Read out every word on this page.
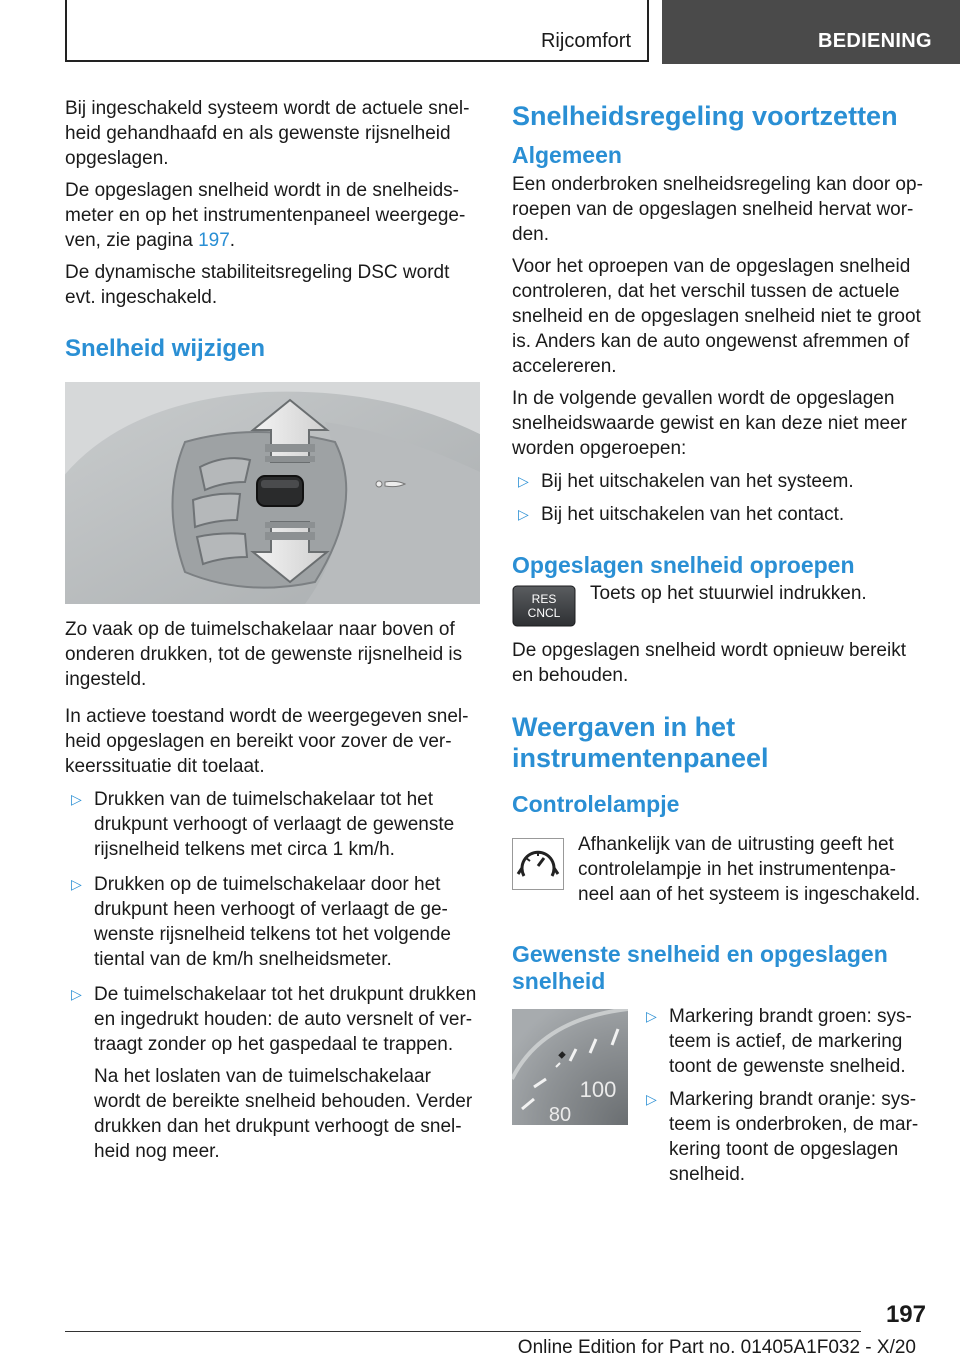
Rijcomfort	BEDIENING

Bij ingeschakeld systeem wordt de actuele snel-heid gehandhaafd en als gewenste rijsnelheid opgeslagen.

De opgeslagen snelheid wordt in de snelheids-meter en op het instrumentenpaneel weergege-ven, zie pagina 197.

De dynamische stabiliteitsregeling DSC wordt evt. ingeschakeld.

Snelheid wijzigen

Zo vaak op de tuimelschakelaar naar boven of onderen drukken, tot de gewenste rijsnelheid is ingesteld.

In actieve toestand wordt de weergegeven snel-heid opgeslagen en bereikt voor zover de ver-keerssituatie dit toelaat.

▷ Drukken van de tuimelschakelaar tot het drukpunt verhoogt of verlaagt de gewenste rijsnelheid telkens met circa 1 km/h.
▷ Drukken op de tuimelschakelaar door het drukpunt heen verhoogt of verlaagt de ge-wenste rijsnelheid telkens tot het volgende tiental van de km/h snelheidsmeter.
▷ De tuimelschakelaar tot het drukpunt drukken en ingedrukt houden: de auto versnelt of ver-traagt zonder op het gaspedaal te trappen.
Na het loslaten van de tuimelschakelaar wordt de bereikte snelheid behouden. Verder drukken dan het drukpunt verhoogt de snel-heid nog meer.
Snelheidsregeling voortzetten
Algemeen

Een onderbroken snelheidsregeling kan door op-roepen van de opgeslagen snelheid hervat wor-den.

Voor het oproepen van de opgeslagen snelheid controleren, dat het verschil tussen de actuele snelheid en de opgeslagen snelheid niet te groot is. Anders kan de auto ongewenst afremmen of accelereren.

In de volgende gevallen wordt de opgeslagen snelheidswaarde gewist en kan deze niet meer worden opgeroepen:

▷ Bij het uitschakelen van het systeem.
▷ Bij het uitschakelen van het contact.
Opgeslagen snelheid oproepen
RES
CNCL

Toets op het stuurwiel indrukken.

De opgeslagen snelheid wordt opnieuw bereikt en behouden.

Weergaven in het
instrumentenpaneel
Controlelampje

Afhankelijk van de uitrusting geeft het controlelampje in het instrumentenpa-neel aan of het systeem is ingeschakeld.

Gewenste snelheid en opgeslagen snelheid
100
80
▷ Markering brandt groen: sys-teem is actief, de markering toont de gewenste snelheid.
▷ Markering brandt oranje: sys-teem is onderbroken, de mar-kering toont de opgeslagen snelheid.
197
Online Edition for Part no. 01405A1F032 - X/20
